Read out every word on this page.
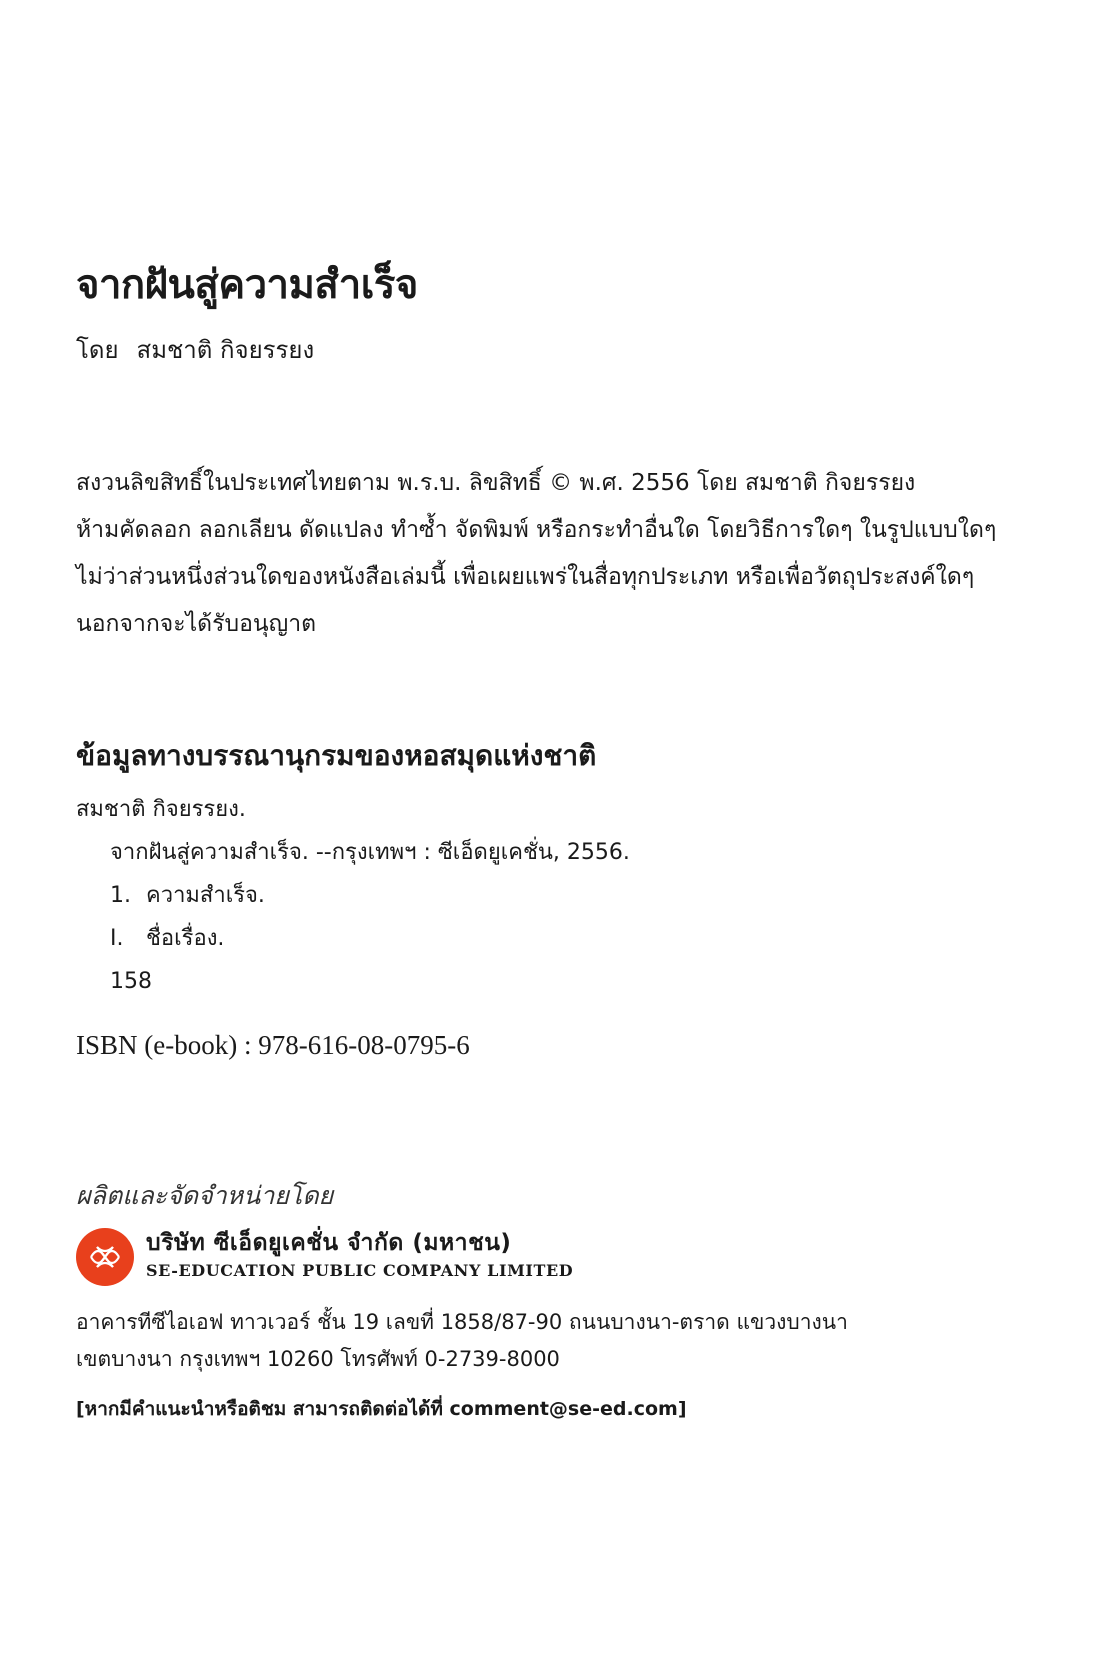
จากฝันสู่ความสำเร็จ
โดย สมชาติ กิจยรรยง
สงวนลิขสิทธิ์ในประเทศไทยตาม พ.ร.บ. ลิขสิทธิ์ © พ.ศ. 2556 โดย สมชาติ กิจยรรยง
ห้ามคัดลอก ลอกเลียน ดัดแปลง ทำซ้ำ จัดพิมพ์ หรือกระทำอื่นใด โดยวิธีการใดๆ ในรูปแบบใดๆ
ไม่ว่าส่วนหนึ่งส่วนใดของหนังสือเล่มนี้ เพื่อเผยแพร่ในสื่อทุกประเภท หรือเพื่อวัตถุประสงค์ใดๆ
นอกจากจะได้รับอนุญาต
ข้อมูลทางบรรณานุกรมของหอสมุดแห่งชาติ
สมชาติ กิจยรรยง.
จากฝันสู่ความสำเร็จ. --กรุงเทพฯ : ซีเอ็ดยูเคชั่น, 2556.
1. ความสำเร็จ.
I. ชื่อเรื่อง.
158
ISBN (e-book) : 978-616-08-0795-6
ผลิตและจัดจำหน่ายโดย
บริษัท ซีเอ็ดยูเคชั่น จำกัด (มหาชน)
SE-EDUCATION PUBLIC COMPANY LIMITED
อาคารทีซีไอเอฟ ทาวเวอร์ ชั้น 19 เลขที่ 1858/87-90 ถนนบางนา-ตราด แขวงบางนา
เขตบางนา กรุงเทพฯ 10260 โทรศัพท์ 0-2739-8000
[หากมีคำแนะนำหรือติชม สามารถติดต่อได้ที่ comment@se-ed.com]
